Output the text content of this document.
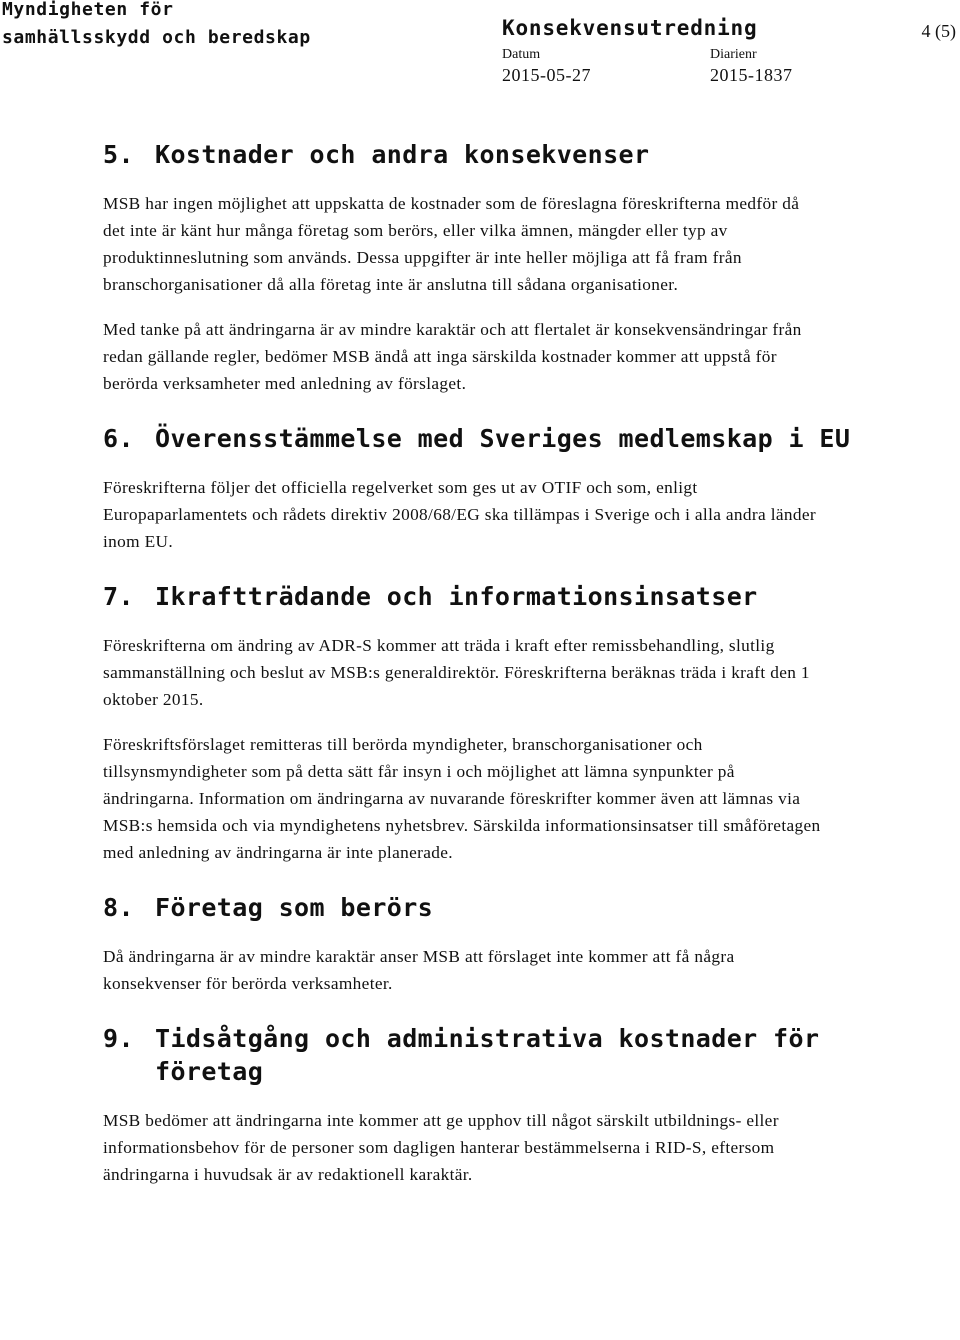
Myndigheten för
samhällsskydd och beredskap	Konsekvensutredning	4 (5)
Datum
2015-05-27
Diarienr
2015-1837
5. Kostnader och andra konsekvenser

MSB har ingen möjlighet att uppskatta de kostnader som de föreslagna föreskrifterna medför då det inte är känt hur många företag som berörs, eller vilka ämnen, mängder eller typ av produktinneslutning som används. Dessa uppgifter är inte heller möjliga att få fram från branschorganisationer då alla företag inte är anslutna till sådana organisationer.

Med tanke på att ändringarna är av mindre karaktär och att flertalet är konsekvensändringar från redan gällande regler, bedömer MSB ändå att inga särskilda kostnader kommer att uppstå för berörda verksamheter med anledning av förslaget.

6. Överensstämmelse med Sveriges medlemskap i EU

Föreskrifterna följer det officiella regelverket som ges ut av OTIF och som, enligt Europaparlamentets och rådets direktiv 2008/68/EG ska tillämpas i Sverige och i alla andra länder inom EU.

7. Ikraftträdande och informationsinsatser

Föreskrifterna om ändring av ADR-S kommer att träda i kraft efter remissbehandling, slutlig sammanställning och beslut av MSB:s generaldirektör. Föreskrifterna beräknas träda i kraft den 1 oktober 2015.

Föreskriftsförslaget remitteras till berörda myndigheter, branschorganisationer och tillsynsmyndigheter som på detta sätt får insyn i och möjlighet att lämna synpunkter på ändringarna. Information om ändringarna av nuvarande föreskrifter kommer även att lämnas via MSB:s hemsida och via myndighetens nyhetsbrev. Särskilda informationsinsatser till småföretagen med anledning av ändringarna är inte planerade.

8. Företag som berörs

Då ändringarna är av mindre karaktär anser MSB att förslaget inte kommer att få några konsekvenser för berörda verksamheter.

9. Tidsåtgång och administrativa kostnader för företag

MSB bedömer att ändringarna inte kommer att ge upphov till något särskilt utbildnings- eller informationsbehov för de personer som dagligen hanterar bestämmelserna i RID-S, eftersom ändringarna i huvudsak är av redaktionell karaktär.
